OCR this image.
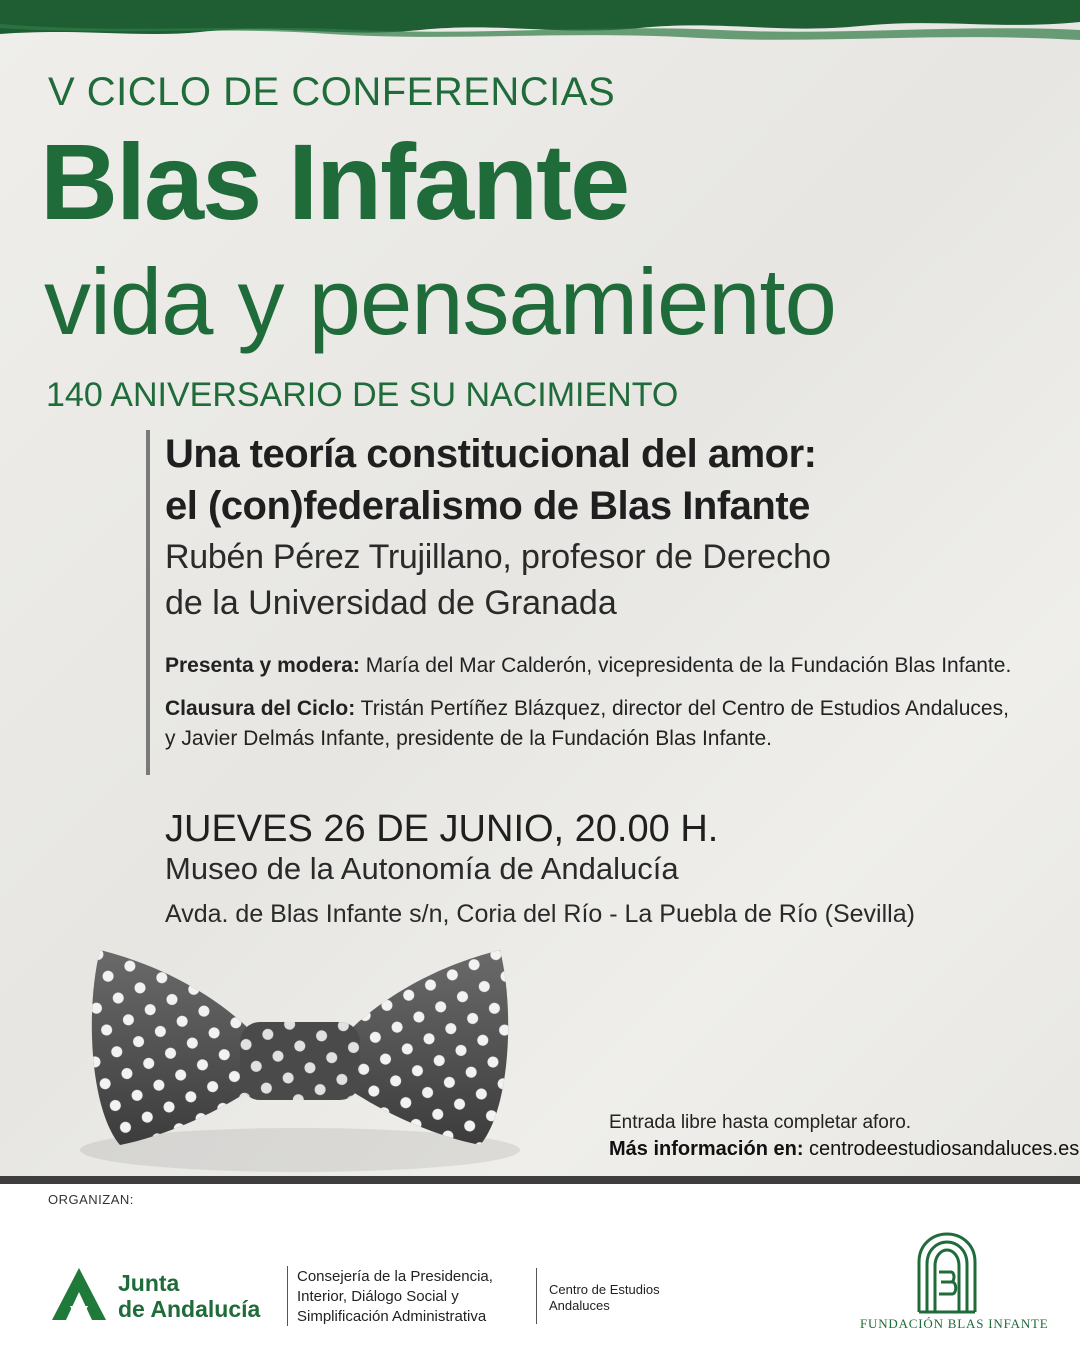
V CICLO DE CONFERENCIAS

Blas Infante

vida y pensamiento

140 ANIVERSARIO DE SU NACIMIENTO

Una teoría constitucional del amor:

el (con)federalismo de Blas Infante

Rubén Pérez Trujillano, profesor de Derecho

de la Universidad de Granada

Presenta y modera: María del Mar Calderón, vicepresidenta de la Fundación Blas Infante.

Clausura del Ciclo: Tristán Pertíñez Blázquez, director del Centro de Estudios Andaluces,

y Javier Delmás Infante, presidente de la Fundación Blas Infante.

JUEVES 26 DE JUNIO, 20.00 H.

Museo de la Autonomía de Andalucía

Avda. de Blas Infante s/n, Coria del Río - La Puebla de Río (Sevilla)

Entrada libre hasta completar aforo.

Más información en: centrodeestudiosandaluces.es

ORGANIZAN:

Junta

de Andalucía

Consejería de la Presidencia,

Interior, Diálogo Social y

Simplificación Administrativa

Centro de Estudios

Andaluces

FUNDACIÓN BLAS INFANTE
